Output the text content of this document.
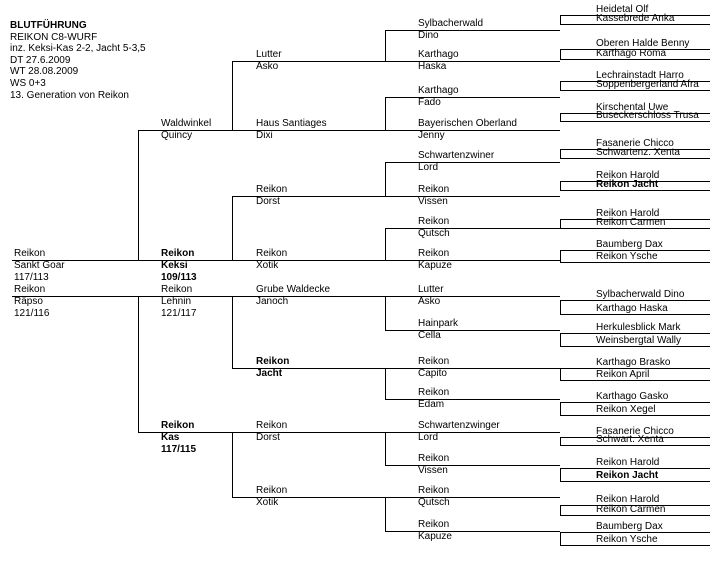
BLUTFÜHRUNG
REIKON C8-WURF
inz. Keksi-Kas 2-2, Jacht 5-3,5
DT 27.6.2009
WT 28.08.2009
WS 0+3
13. Generation von Reikon
Reikon
Sankt Goar
117/113
Reikon
Räpso
121/116
Waldwinkel
Quincy
Reikon
Keksi
109/113
Reikon
Lehnin
121/117
Reikon
Kas
117/115
Lutter
Asko
Haus Santiages
Dixi
Reikon
Dorst
Reikon
Xotik
Grube Waldecke
Janoch
Reikon
Jacht
Reikon
Dorst
Reikon
Xotik
Sylbacherwald
Dino
Karthago
Haska
Karthago
Fado
Bayerischen Oberland
Jenny
Schwartenzwiner
Lord
Reikon
Vissen
Reikon
Qutsch
Reikon
Kapuze
Lutter
Asko
Hainpark
Cella
Reikon
Capito
Reikon
Edam
Schwartenzwinger
Lord
Reikon
Vissen
Reikon
Qutsch
Reikon
Kapuze
Heidetal Olf
Kassebrede Anka
Oberen Halde Benny
Karthago Roma
Lechrainstadt Harro
Soppenbergerland Afra
Kirschental Uwe
Buseckerschloss Trusa
Fasanerie Chicco
Schwartenz. Xenta
Reikon Harold
Reikon Jacht
Reikon Harold
Reikon Carmen
Baumberg Dax
Reikon Ysche
Sylbacherwald Dino
Karthago Haska
Herkulesblick Mark
Weinsbergtal Wally
Karthago Brasko
Reikon April
Karthago Gasko
Reikon Xegel
Fasanerie Chicco
Schwart. Xenta
Reikon Harold
Reikon Jacht
Reikon Harold
Reikon Carmen
Baumberg Dax
Reikon Ysche
